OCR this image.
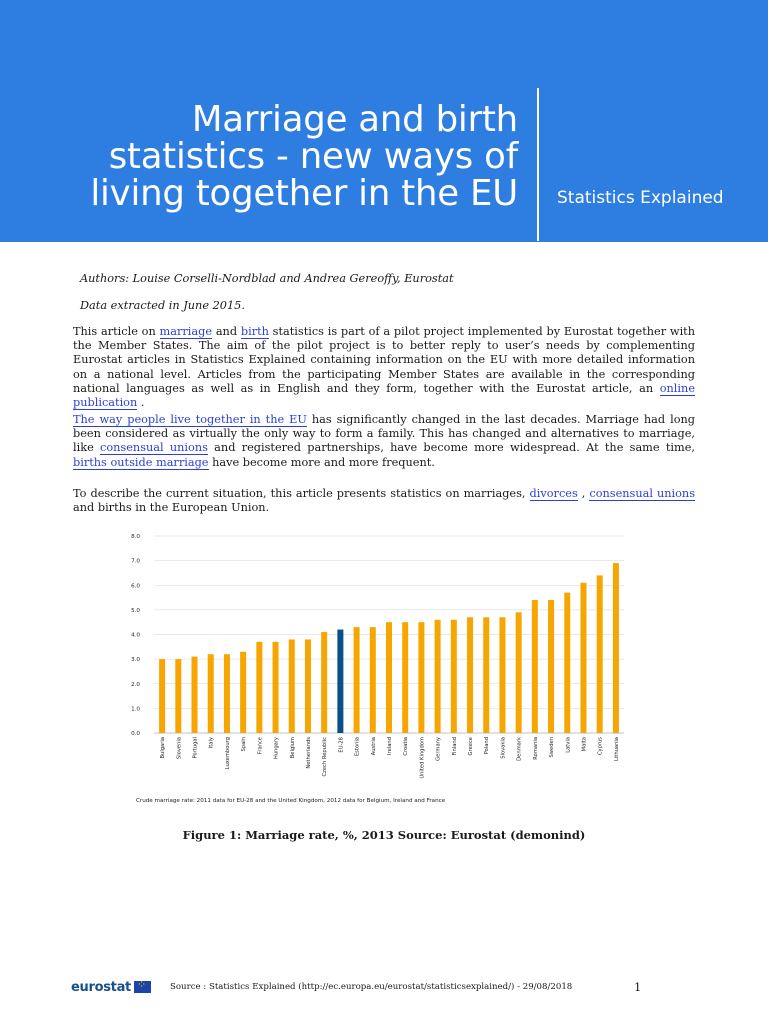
Marriage and birth
statistics - new ways of
living together in the EU Statistics Explained
Authors: Louise Corselli-Nordblad and Andrea Gereoffy, Eurostat
Data extracted in June 2015.
This article on marriage and birth statistics is part of a pilot project implemented by Eurostat together with the Member States. The aim of the pilot project is to better reply to user’s needs by complementing Eurostat articles in Statistics Explained containing information on the EU with more detailed information on a national level. Articles from the participating Member States are available in the corresponding national languages as well as in English and they form, together with the Eurostat article, an online publication .
The way people live together in the EU has significantly changed in the last decades. Marriage had long been considered as virtually the only way to form a family. This has changed and alternatives to marriage, like consensual unions and registered partnerships, have become more widespread. At the same time, births outside marriage have become more and more frequent.
To describe the current situation, this article presents statistics on marriages, divorces , consensual unions and births in the European Union.
0.0
1.0
2.0
3.0
4.0
5.0
6.0
7.0
8.0
Bulgaria Slovenia Portugal Italy Luxembourg Spain France Hungary Belgium Netherlands Czech Republic EU-28 Estonia Austria Ireland Croatia United Kingdom Germany Finland Greece Poland Slovakia Denmark Romania Sweden Latvia Malta Cyprus Lithuania
Crude marriage rate: 2011 data for EU-28 and the United Kingdom, 2012 data for Belgium, Ireland and France
Figure 1: Marriage rate, %, 2013 Source: Eurostat (demonind)
eurostat
⁘	Source : Statistics Explained (http://ec.europa.eu/eurostat/statisticsexplained/) - 29/08/2018	1
